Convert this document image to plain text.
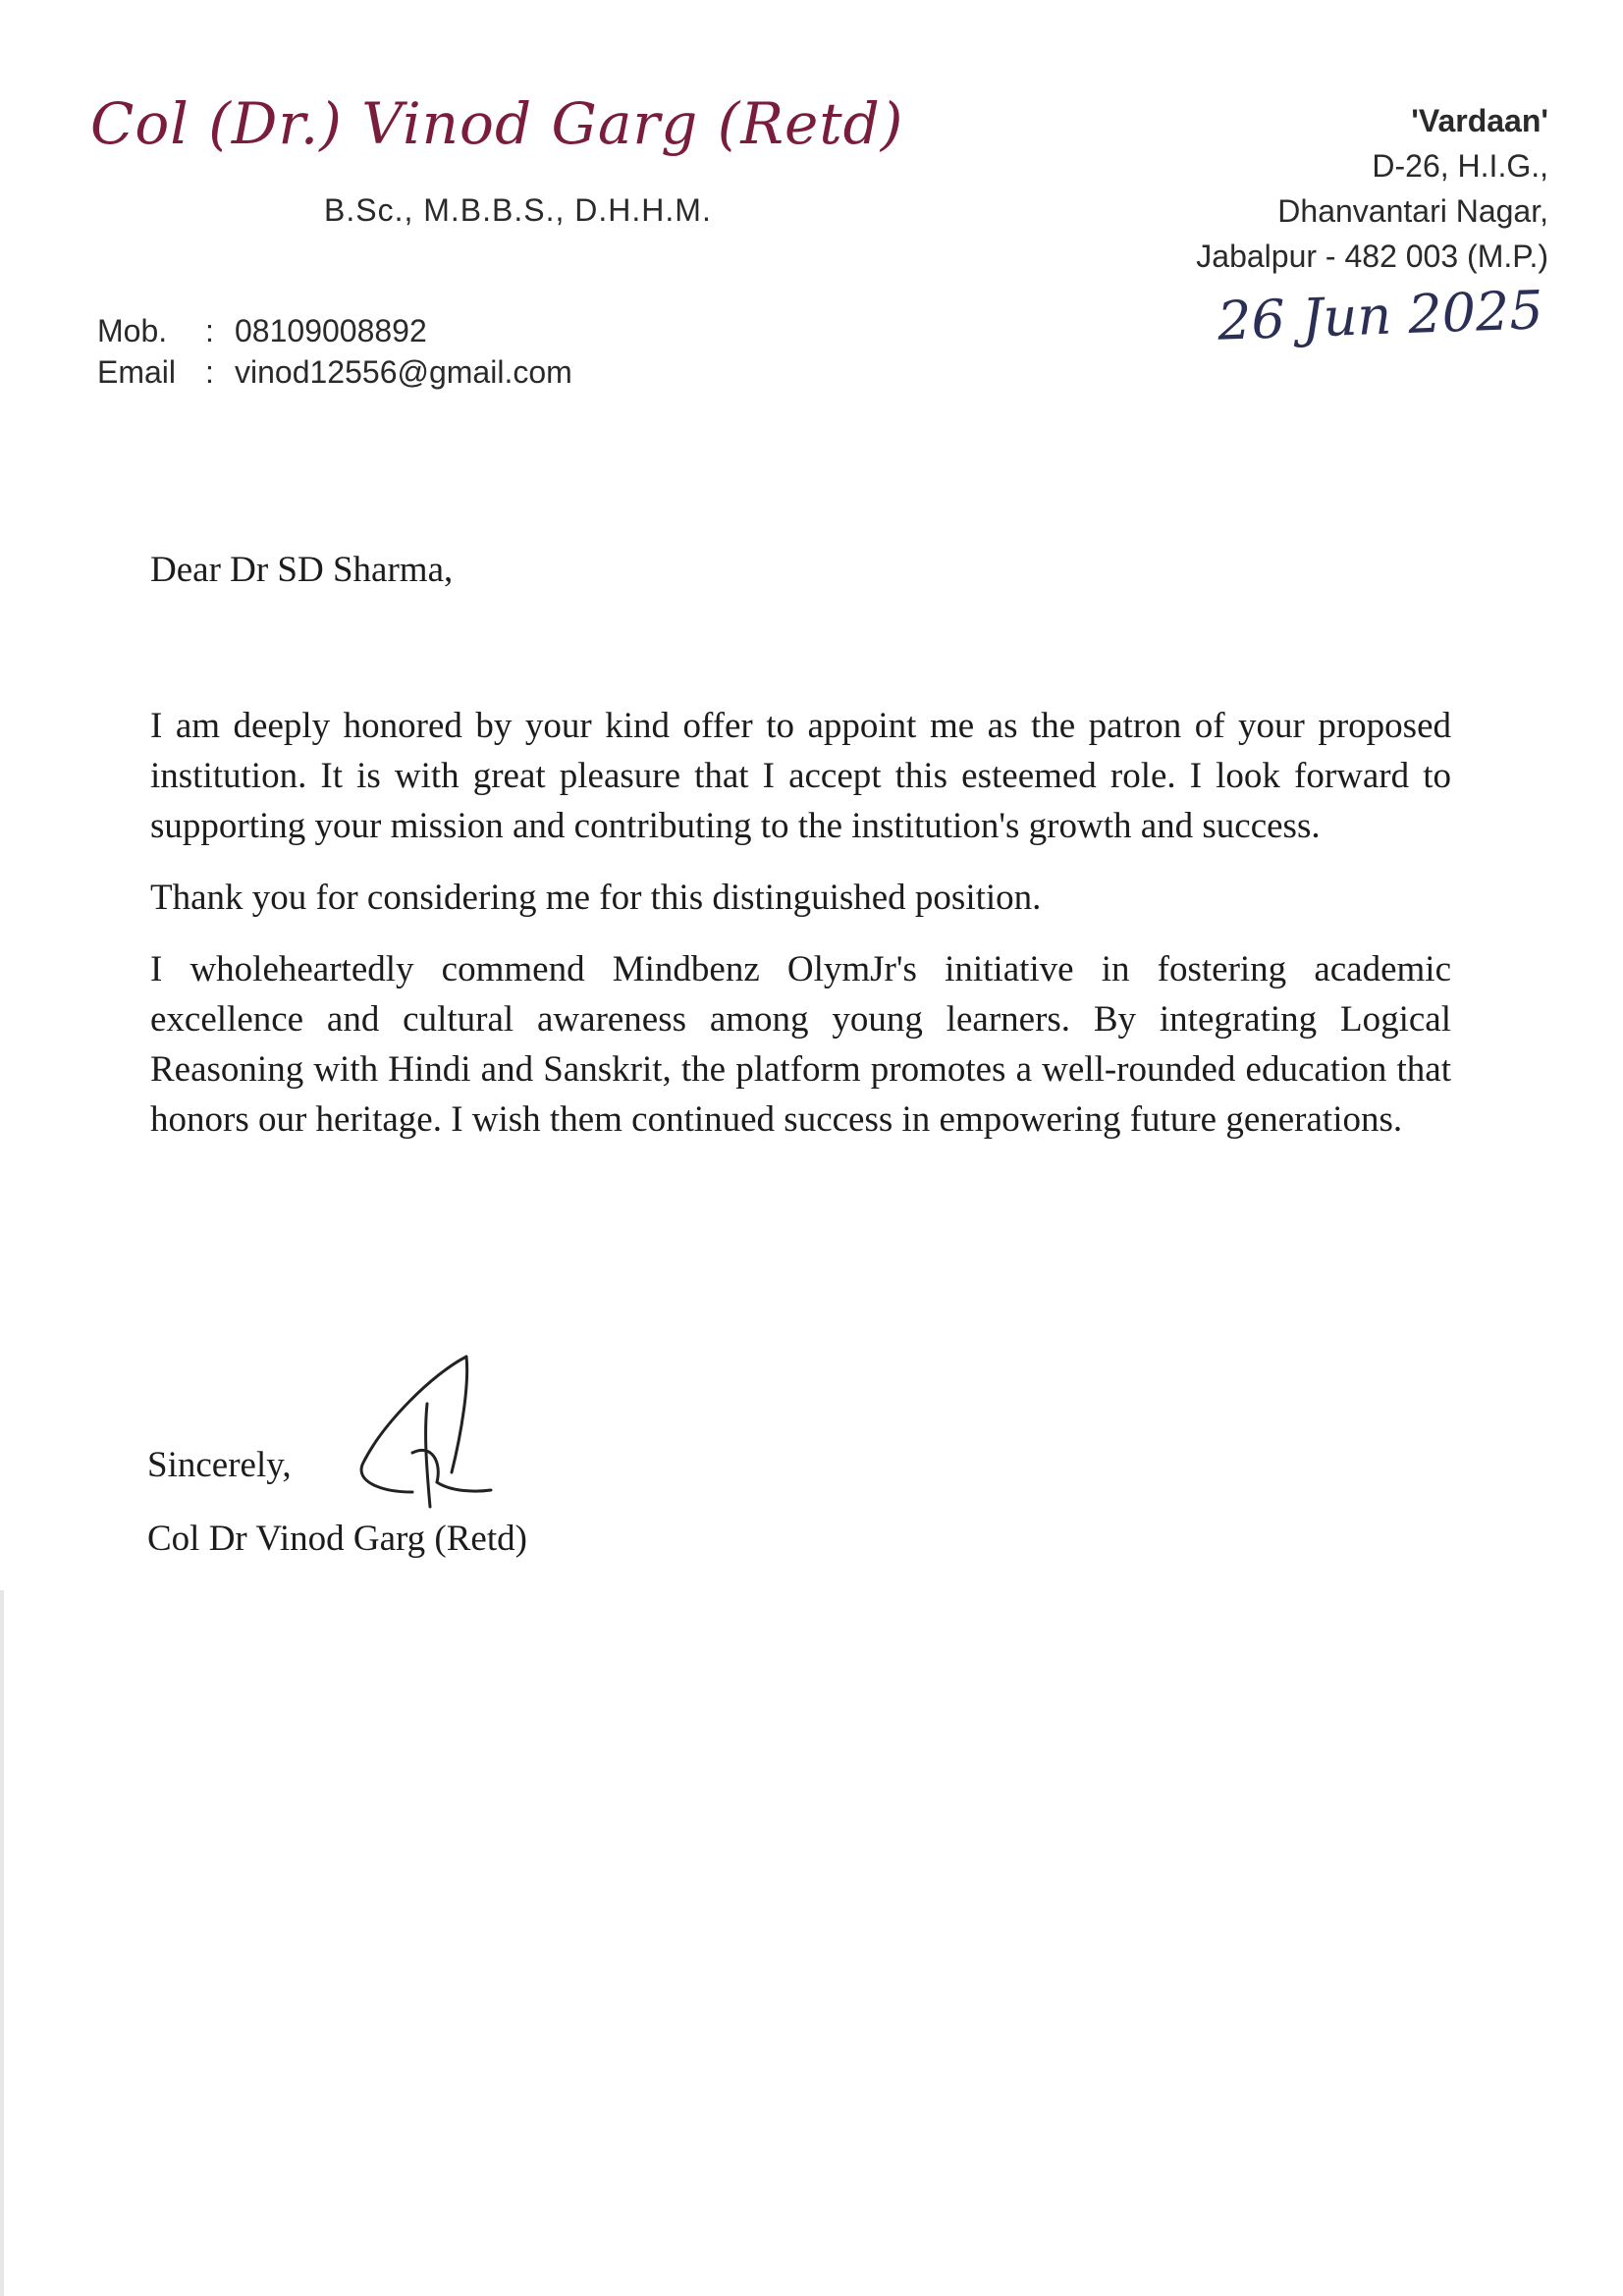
Col (Dr.) Vinod Garg (Retd)
B.Sc., M.B.B.S., D.H.H.M.
Mob. : 08109008892
Email : vinod12556@gmail.com
'Vardaan'
D-26, H.I.G.,
Dhanvantari Nagar,
Jabalpur - 482 003 (M.P.)
26 Jun 2025

Dear Dr SD Sharma,

I am deeply honored by your kind offer to appoint me as the patron of your proposed institution. It is with great pleasure that I accept this esteemed role. I look forward to supporting your mission and contributing to the institution's growth and success.

Thank you for considering me for this distinguished position.

I wholeheartedly commend Mindbenz OlymJr's initiative in fostering academic excellence and cultural awareness among young learners. By integrating Logical Reasoning with Hindi and Sanskrit, the platform promotes a well-rounded education that honors our heritage. I wish them continued success in empowering future generations.

Sincerely,
Col Dr Vinod Garg (Retd)
